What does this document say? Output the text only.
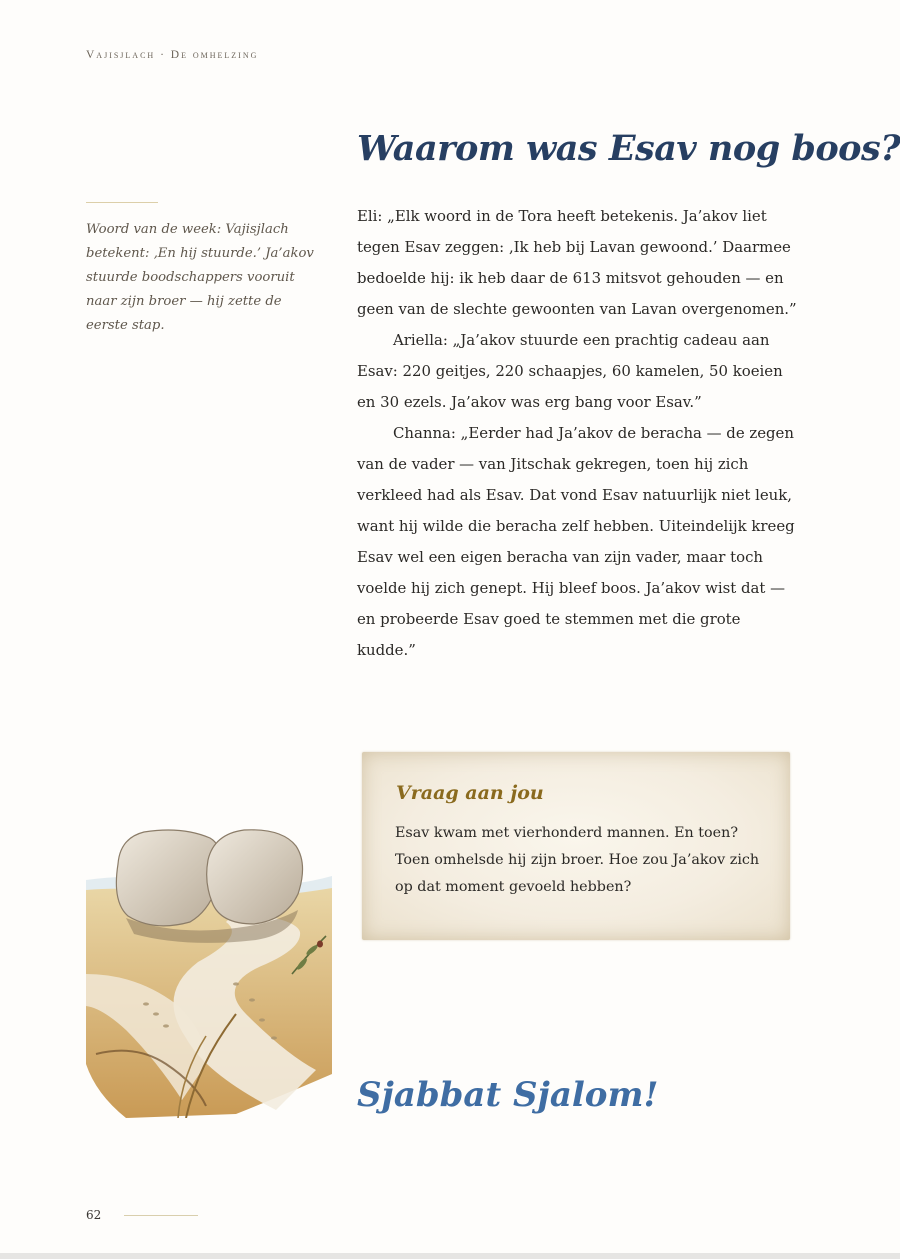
Vajisjlach · De omhelzing
Waarom was Esav nog boos?

Woord van de week: Vajisjlach betekent: ‚En hij stuurde.’ Ja’akov stuurde boodschappers vooruit naar zijn broer — hij zette de eerste stap.

Eli: „Elk woord in de Tora heeft betekenis. Ja’akov liet tegen Esav zeggen: ‚Ik heb bij Lavan gewoond.’ Daarmee bedoelde hij: ik heb daar de 613 mitsvot gehouden — en geen van de slechte gewoonten van Lavan overgenomen.”

Ariella: „Ja’akov stuurde een prachtig cadeau aan Esav: 220 geitjes, 220 schaapjes, 60 kamelen, 50 koeien en 30 ezels. Ja’akov was erg bang voor Esav.”

Channa: „Eerder had Ja’akov de beracha — de zegen van de vader — van Jitschak gekregen, toen hij zich verkleed had als Esav. Dat vond Esav natuurlijk niet leuk, want hij wilde die beracha zelf hebben. Uiteindelijk kreeg Esav wel een eigen beracha van zijn vader, maar toch voelde hij zich genept. Hij bleef boos. Ja’akov wist dat — en probeerde Esav goed te stemmen met die grote kudde.”

Vraag aan jou

Esav kwam met vierhonderd mannen. En toen? Toen omhelsde hij zijn broer. Hoe zou Ja’akov zich op dat moment gevoeld hebben?

Sjabbat Sjalom!
62
